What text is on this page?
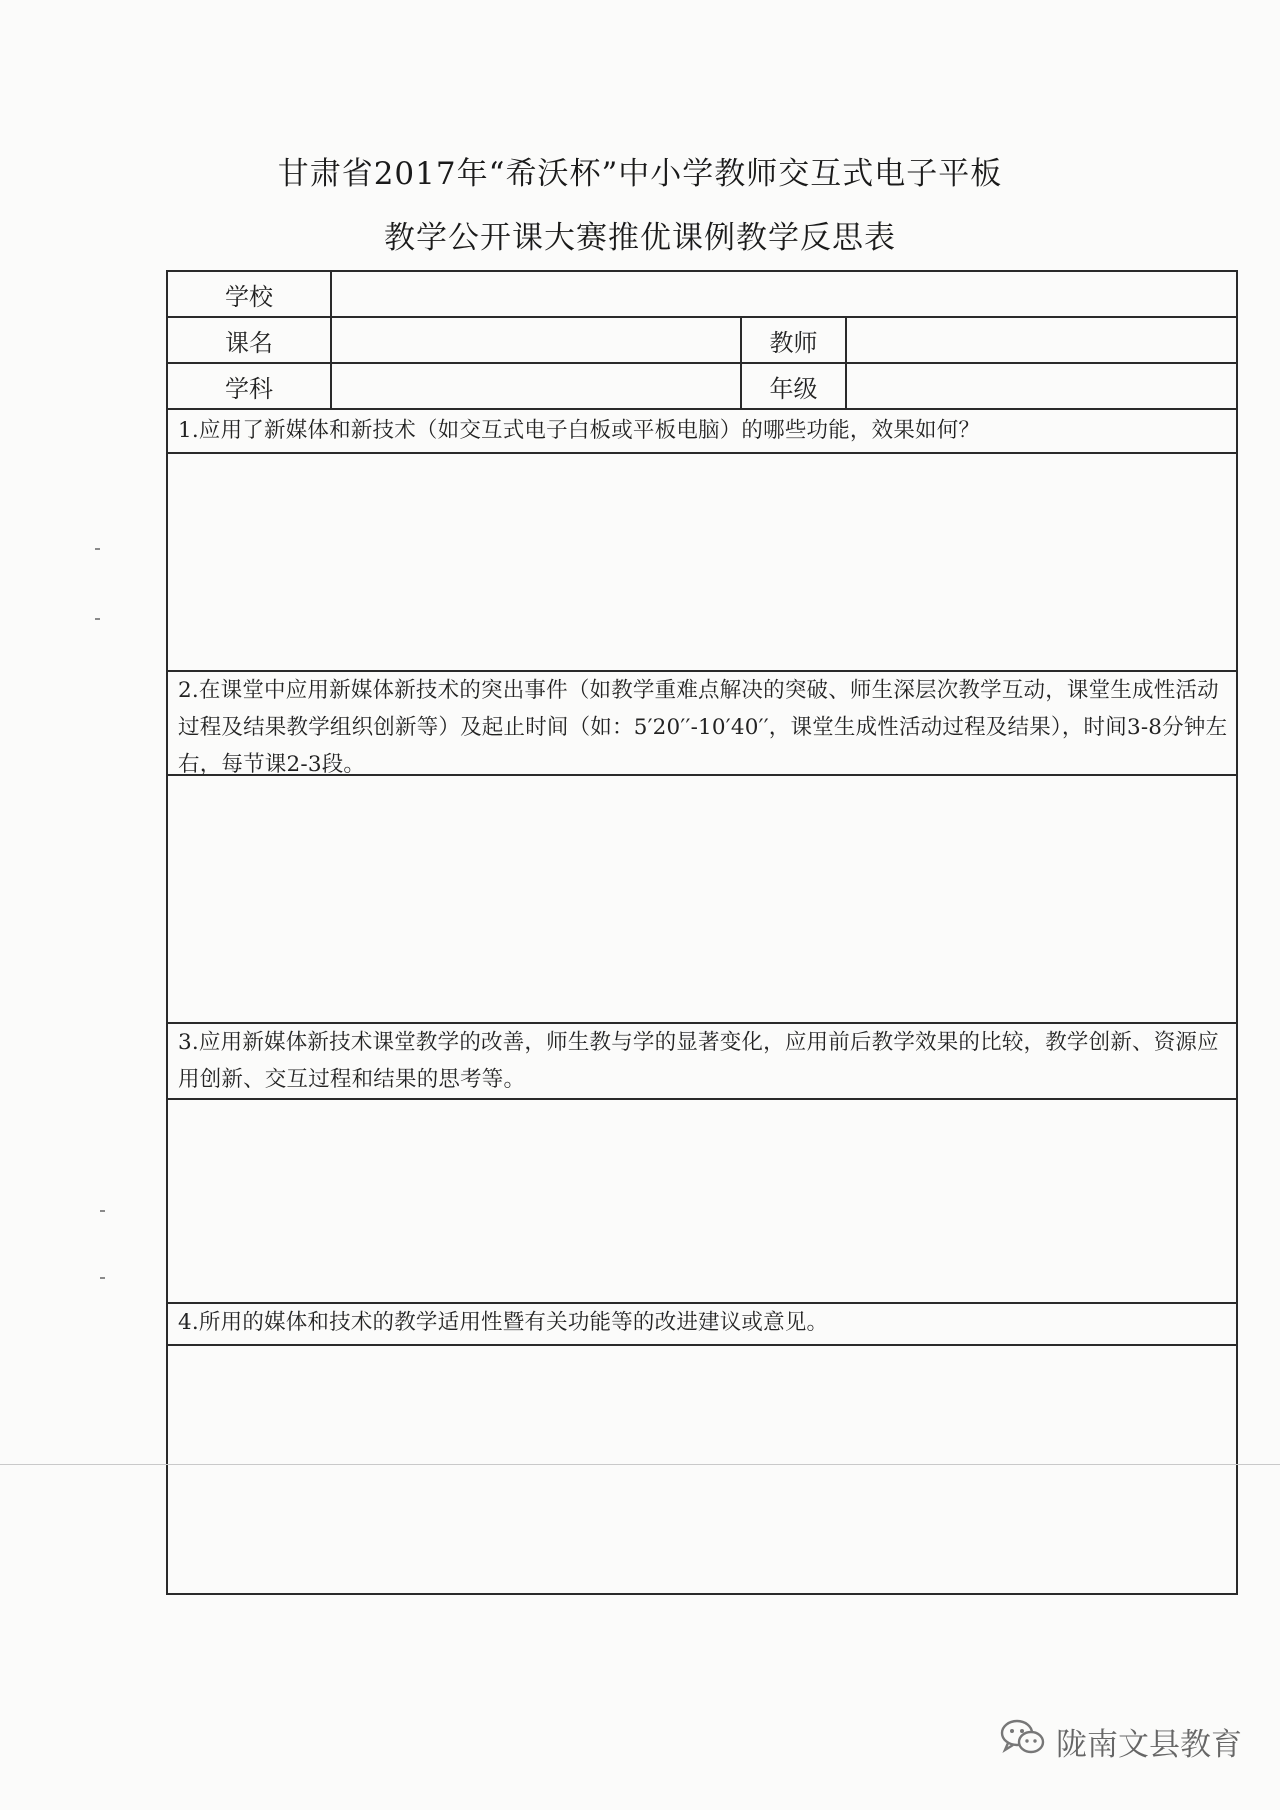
甘肃省2017年“希沃杯”中小学教师交互式电子平板
教学公开课大赛推优课例教学反思表
学校
课名	教师
学科	年级
1.应用了新媒体和新技术（如交互式电子白板或平板电脑）的哪些功能，效果如何？
2.在课堂中应用新媒体新技术的突出事件（如教学重难点解决的突破、师生深层次教学互动，课堂生成性活动过程及结果教学组织创新等）及起止时间（如：5′20′′-10′40′′，课堂生成性活动过程及结果），时间3-8分钟左右，每节课2-3段。
3.应用新媒体新技术课堂教学的改善，师生教与学的显著变化，应用前后教学效果的比较，教学创新、资源应用创新、交互过程和结果的思考等。
4.所用的媒体和技术的教学适用性暨有关功能等的改进建议或意见。
陇南文县教育
